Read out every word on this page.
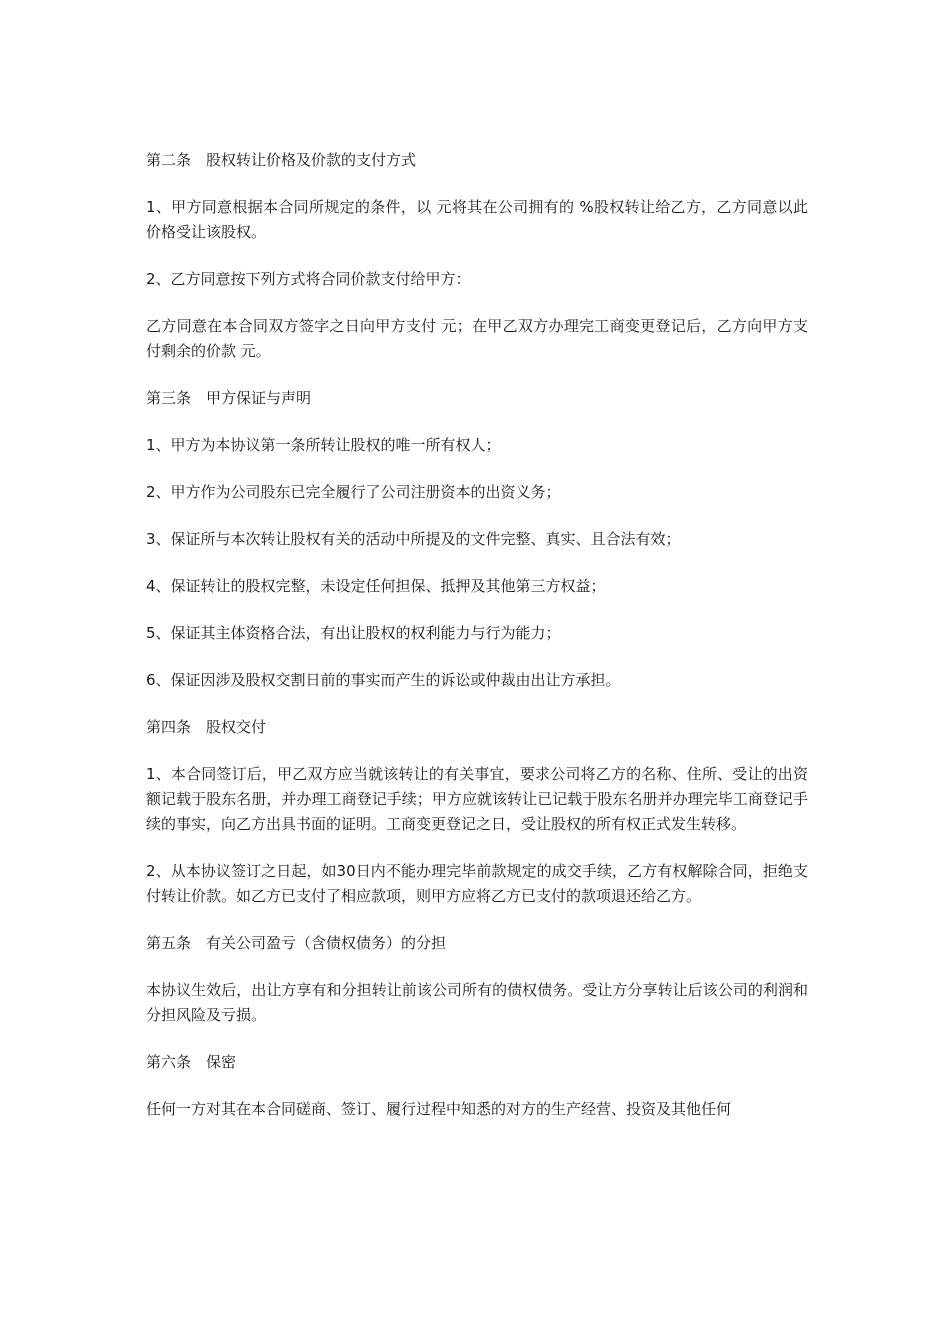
第二条　股权转让价格及价款的支付方式

1、甲方同意根据本合同所规定的条件，以 元将其在公司拥有的 %股权转让给乙方，乙方同意以此价格受让该股权。

2、乙方同意按下列方式将合同价款支付给甲方：

乙方同意在本合同双方签字之日向甲方支付 元；在甲乙双方办理完工商变更登记后，乙方向甲方支付剩余的价款 元。

第三条　甲方保证与声明

1、甲方为本协议第一条所转让股权的唯一所有权人；

2、甲方作为公司股东已完全履行了公司注册资本的出资义务；

3、保证所与本次转让股权有关的活动中所提及的文件完整、真实、且合法有效；

4、保证转让的股权完整，未设定任何担保、抵押及其他第三方权益；

5、保证其主体资格合法，有出让股权的权利能力与行为能力；

6、保证因涉及股权交割日前的事实而产生的诉讼或仲裁由出让方承担。

第四条　股权交付

1、本合同签订后，甲乙双方应当就该转让的有关事宜，要求公司将乙方的名称、住所、受让的出资额记载于股东名册，并办理工商登记手续；甲方应就该转让已记载于股东名册并办理完毕工商登记手续的事实，向乙方出具书面的证明。工商变更登记之日，受让股权的所有权正式发生转移。

2、从本协议签订之日起，如30日内不能办理完毕前款规定的成交手续，乙方有权解除合同，拒绝支付转让价款。如乙方已支付了相应款项，则甲方应将乙方已支付的款项退还给乙方。

第五条　有关公司盈亏（含债权债务）的分担

本协议生效后，出让方享有和分担转让前该公司所有的债权债务。受让方分享转让后该公司的利润和分担风险及亏损。

第六条　保密

任何一方对其在本合同磋商、签订、履行过程中知悉的对方的生产经营、投资及其他任何
